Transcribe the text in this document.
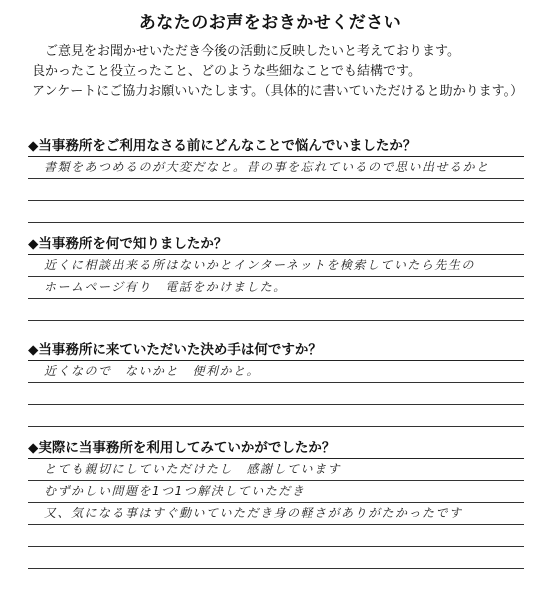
あなたのお声をおきかせください

ご意見をお聞かせいただき今後の活動に反映したいと考えております。

良かったこと役立ったこと、どのような些細なことでも結構です。

アンケートにご協力お願いいたします。（具体的に書いていただけると助かります。）

◆当事務所をご利用なさる前にどんなことで悩んでいましたか？
書類をあつめるのが大変だなと。昔の事を忘れているので思い出せるかと
◆当事務所を何で知りましたか？
近くに相談出来る所はないかとインターネットを検索していたら先生の
ホームページ有り　電話をかけました。
◆当事務所に来ていただいた決め手は何ですか？
近くなので　ないかと　便利かと。
◆実際に当事務所を利用してみていかがでしたか？
とても親切にしていただけたし　感謝しています
むずかしい問題を1つ1つ解決していただき
又、気になる事はすぐ動いていただき身の軽さがありがたかったです
